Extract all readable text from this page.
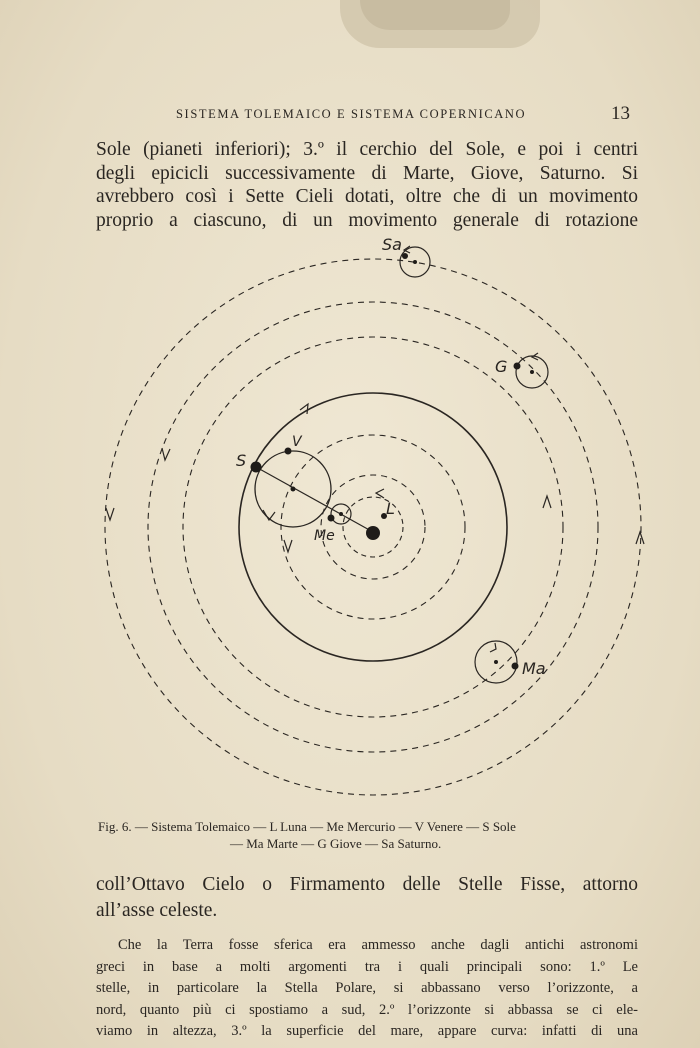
SISTEMA TOLEMAICO E SISTEMA COPERNICANO	13
Sole (pianeti inferiori); 3.º il cerchio del Sole, e poi i centri
degli epicicli successivamente di Marte, Giove, Saturno. Si
avrebbero così i Sette Cieli dotati, oltre che di un movimento
proprio a ciascuno, di un movimento generale di rotazione
Sa
G
V
S
Me
L
Ma
Fig. 6. — Sistema Tolemaico — L Luna — Me Mercurio — V Venere — S Sole
— Ma Marte — G Giove — Sa Saturno.
coll’Ottavo Cielo o Firmamento delle Stelle Fisse, attorno
all’asse celeste.
Che la Terra fosse sferica era ammesso anche dagli antichi astronomi
greci in base a molti argomenti tra i quali principali sono: 1.º Le
stelle, in particolare la Stella Polare, si abbassano verso l’orizzonte, a
nord, quanto più ci spostiamo a sud, 2.º l’orizzonte si abbassa se ci ele-
viamo in altezza, 3.º la superficie del mare, appare curva: infatti di una
